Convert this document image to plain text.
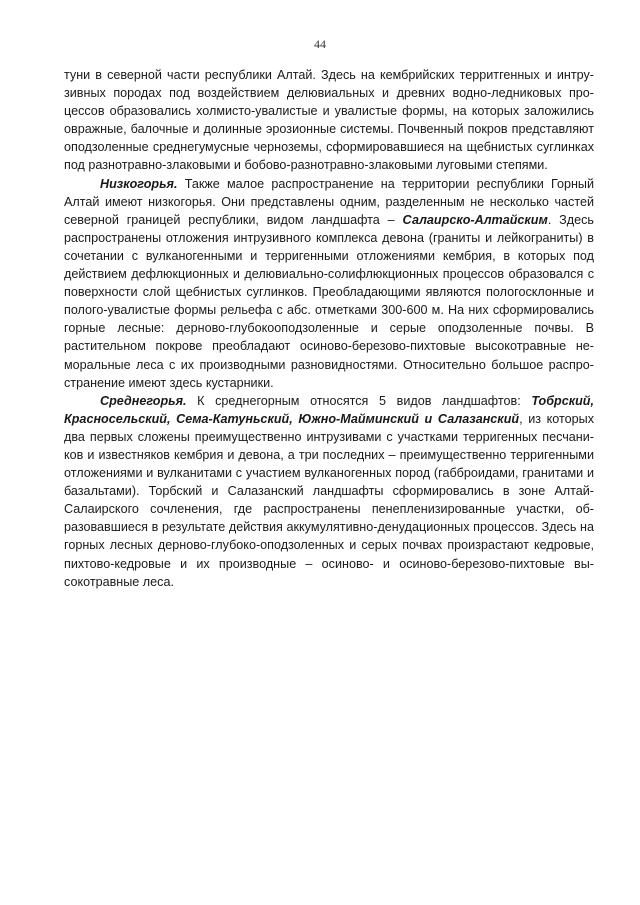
44

туни в северной части республики Алтай. Здесь на кембрийских территгенных и интрузивных породах под воздействием делювиальных и древних водно-ледниковых процессов образовались холмисто-увалистые и увалистые формы, на которых заложились овражные, балочные и долинные эрозионные системы. Почвенный покров представляют оподзоленные среднегумусные черноземы, сформировавшиеся на щебнистых суглинках под разнотравно-злаковыми и бобово-разнотравно-злаковыми луговыми степями.

Низкогорья. Также малое распространение на территории республики Горный Алтай имеют низкогорья. Они представлены одним, разделенным не несколько частей северной границей республики, видом ландшафта – Салаирско-Алтайским. Здесь распространены отложения интрузивного комплекса девона (граниты и лейкограниты) в сочетании с вулканогенными и терригенными отложениями кембрия, в которых под действием дефлюкционных и делювиально-солифлюкционных процессов образовался с поверхности слой щебнистых суглинков. Преобладающими являются пологосклонные и полого-увалистые формы рельефа с абс. отметками 300-600 м. На них сформировались горные лесные: дерново-глубокооподзоленные и серые оподзоленные почвы. В растительном покрове преобладают осиново-березово-пихтовые высокотравные неморальные леса с их производными разновидностями. Относительно большое распространение имеют здесь кустарники.

Среднегорья. К среднегорным относятся 5 видов ландшафтов: Тобрский, Красносельский, Сема-Катуньский, Южно-Майминский и Салазанский, из которых два первых сложены преимущественно интрузивами с участками терригенных песчаников и известняков кембрия и девона, а три последних – преимущественно терригенными отложениями и вулканитами с участием вулканогенных пород (габброидами, гранитами и базальтами). Торбский и Салазанский ландшафты сформировались в зоне Алтай-Салаирского сочленения, где распространены пенепленизированные участки, образовавшиеся в результате действия аккумулятивно-денудационных процессов. Здесь на горных лесных дерново-глубоко-оподзоленных и серых почвах произрастают кедровые, пихтово-кедровые и их производные – осиново- и осиново-березово-пихтовые высокотравные леса.
